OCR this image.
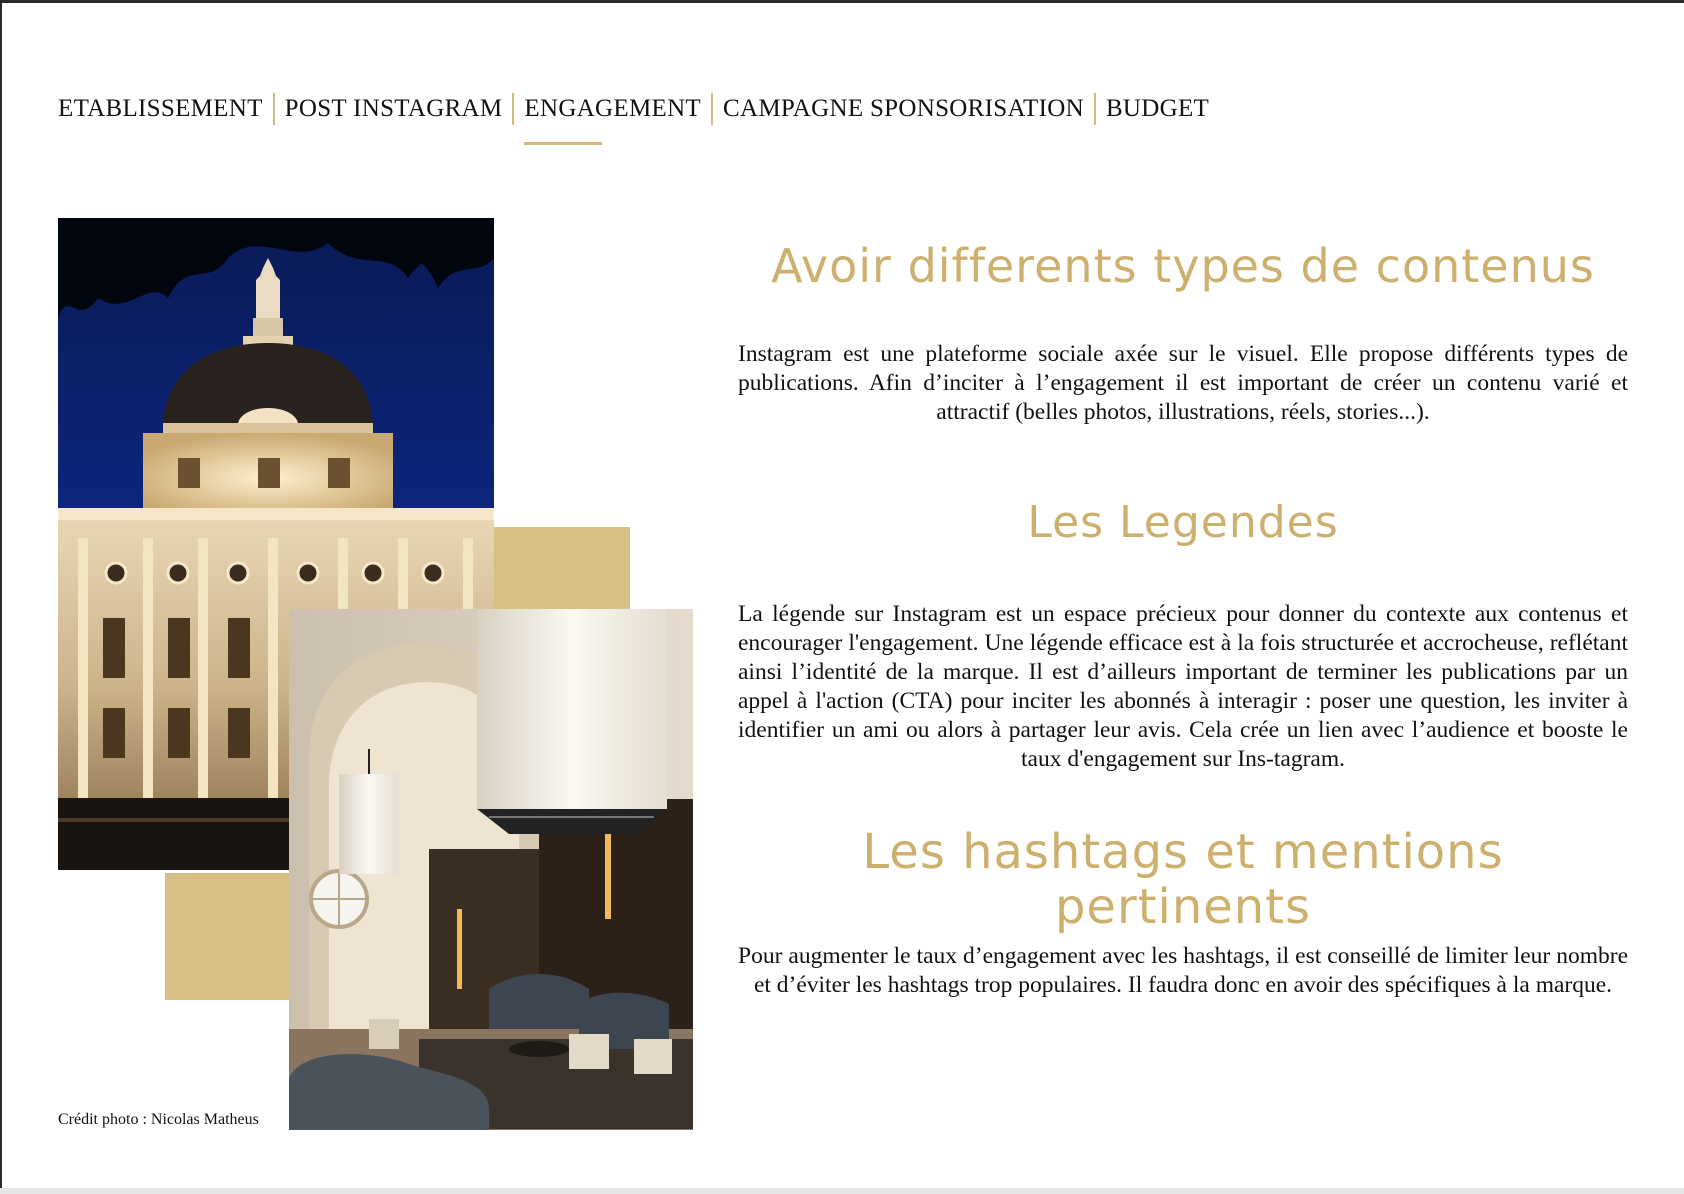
ETABLISSEMENT POST INSTAGRAM ENGAGEMENT CAMPAGNE SPONSORISATION BUDGET
Crédit photo : Nicolas Matheus
Avoir differents types de contenus

Instagram est une plateforme sociale axée sur le visuel. Elle propose différents types de publications. Afin d’inciter à l’engagement il est important de créer un contenu varié et attractif (belles photos, illustrations, réels, stories...).

Les Legendes

La légende sur Instagram est un espace précieux pour donner du contexte aux contenus et encourager l'engagement. Une légende efficace est à la fois structurée et accrocheuse, reflétant ainsi l’identité de la marque. Il est d’ailleurs important de terminer les publications par un appel à l'action (CTA) pour inciter les abonnés à interagir : poser une question, les inviter à identifier un ami ou alors à partager leur avis. Cela crée un lien avec l’audience et booste le taux d'engagement sur Ins-tagram.

Les hashtags et mentions pertinents

Pour augmenter le taux d’engagement avec les hashtags, il est conseillé de limiter leur nombre et d’éviter les hashtags trop populaires. Il faudra donc en avoir des spécifiques à la marque.
